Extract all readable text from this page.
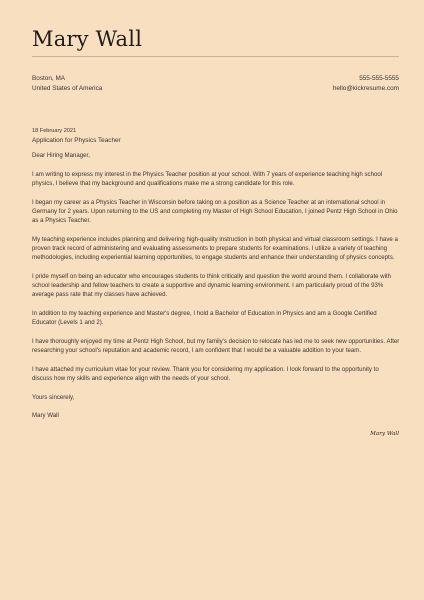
Mary Wall
Boston, MA
United States of America
555-555-5555
hello@kickresume.com
18 February 2021
Application for Physics Teacher

Dear Hiring Manager,

I am writing to express my interest in the Physics Teacher position at your school. With 7 years of experience teaching high school physics, I believe that my background and qualifications make me a strong candidate for this role.

I began my career as a Physics Teacher in Wisconsin before taking on a position as a Science Teacher at an international school in Germany for 2 years. Upon returning to the US and completing my Master of High School Education, I joined Pentz High School in Ohio as a Physics Teacher.

My teaching experience includes planning and delivering high-quality instruction in both physical and virtual classroom settings. I have a proven track record of administering and evaluating assessments to prepare students for examinations. I utilize a variety of teaching methodologies, including experiential learning opportunities, to engage students and enhance their understanding of physics concepts.

I pride myself on being an educator who encourages students to think critically and question the world around them. I collaborate with school leadership and fellow teachers to create a supportive and dynamic learning environment. I am particularly proud of the 93% average pass rate that my classes have achieved.

In addition to my teaching experience and Master's degree, I hold a Bachelor of Education in Physics and am a Google Certified Educator (Levels 1 and 2).

I have thoroughly enjoyed my time at Pentz High School, but my family's decision to relocate has led me to seek new opportunities. After researching your school's reputation and academic record, I am confident that I would be a valuable addition to your team.

I have attached my curriculum vitae for your review. Thank you for considering my application. I look forward to the opportunity to discuss how my skills and experience align with the needs of your school.

Yours sincerely,

Mary Wall

Mary Wall
